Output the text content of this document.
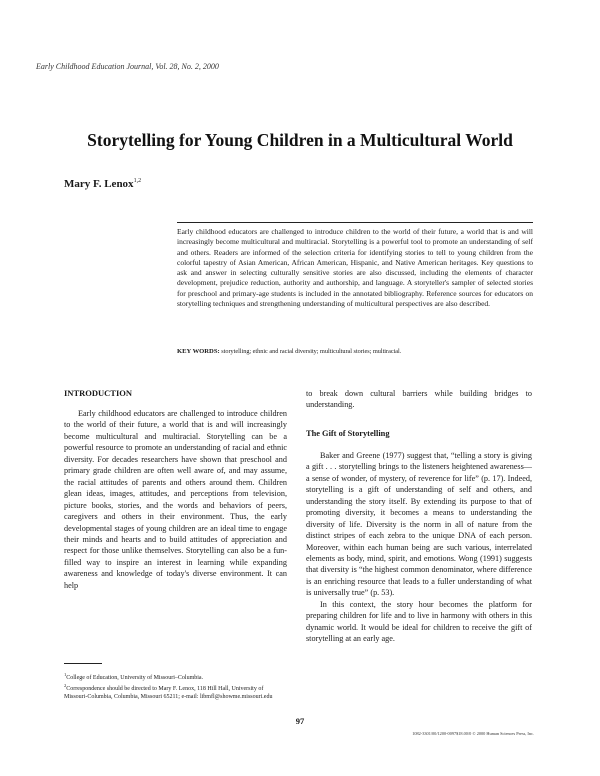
Early Childhood Education Journal, Vol. 28, No. 2, 2000
Storytelling for Young Children in a Multicultural World
Mary F. Lenox$^{1,2}$

Early childhood educators are challenged to introduce children to the world of their future, a world that is and will increasingly become multicultural and multiracial. Storytelling is a powerful tool to promote an understanding of self and others. Readers are informed of the selection criteria for identifying stories to tell to young children from the colorful tapestry of Asian American, African American, Hispanic, and Native American heritages. Key questions to ask and answer in selecting culturally sensitive stories are also discussed, including the elements of character development, prejudice reduction, authority and authorship, and language. A storyteller's sampler of selected stories for preschool and primary-age students is included in the annotated bibliography. Reference sources for educators on storytelling techniques and strengthening understanding of multicultural perspectives are also described.

KEY WORDS: storytelling; ethnic and racial diversity; multicultural stories; multiracial.
INTRODUCTION

Early childhood educators are challenged to introduce children to the world of their future, a world that is and will increasingly become multicultural and multiracial. Storytelling can be a powerful resource to promote an understanding of racial and ethnic diversity. For decades researchers have shown that preschool and primary grade children are often well aware of, and may assume, the racial attitudes of parents and others around them. Children glean ideas, images, attitudes, and perceptions from television, picture books, stories, and the words and behaviors of peers, caregivers and others in their environment. Thus, the early developmental stages of young children are an ideal time to engage their minds and hearts and to build attitudes of appreciation and respect for those unlike themselves. Storytelling can also be a fun-filled way to inspire an interest in learning while expanding awareness and knowledge of today's diverse environment. It can help

to break down cultural barriers while building bridges to understanding.

The Gift of Storytelling

Baker and Greene (1977) suggest that, “telling a story is giving a gift . . . storytelling brings to the listeners heightened awareness—a sense of wonder, of mystery, of reverence for life” (p. 17). Indeed, storytelling is a gift of understanding of self and others, and understanding the story itself. By extending its purpose to that of promoting diversity, it becomes a means to understanding the diversity of life. Diversity is the norm in all of nature from the distinct stripes of each zebra to the unique DNA of each person. Moreover, within each human being are such various, interrelated elements as body, mind, spirit, and emotions. Wong (1991) suggests that diversity is “the highest common denominator, where difference is an enriching resource that leads to a fuller understanding of what is universally true” (p. 53).

In this context, the story hour becomes the platform for preparing children for life and to live in harmony with others in this dynamic world. It would be ideal for children to receive the gift of storytelling at an early age.

$^1$College of Education, University of Missouri–Columbia.

$^2$Correspondence should be directed to Mary F. Lenox, 118 Hill Hall, University of Missouri-Columbia, Columbia, Missouri 65211; e-mail: libmfl@showme.missouri.edu

97
1082-3301/00/1200-0097$18.00/0 © 2000 Human Sciences Press, Inc.
